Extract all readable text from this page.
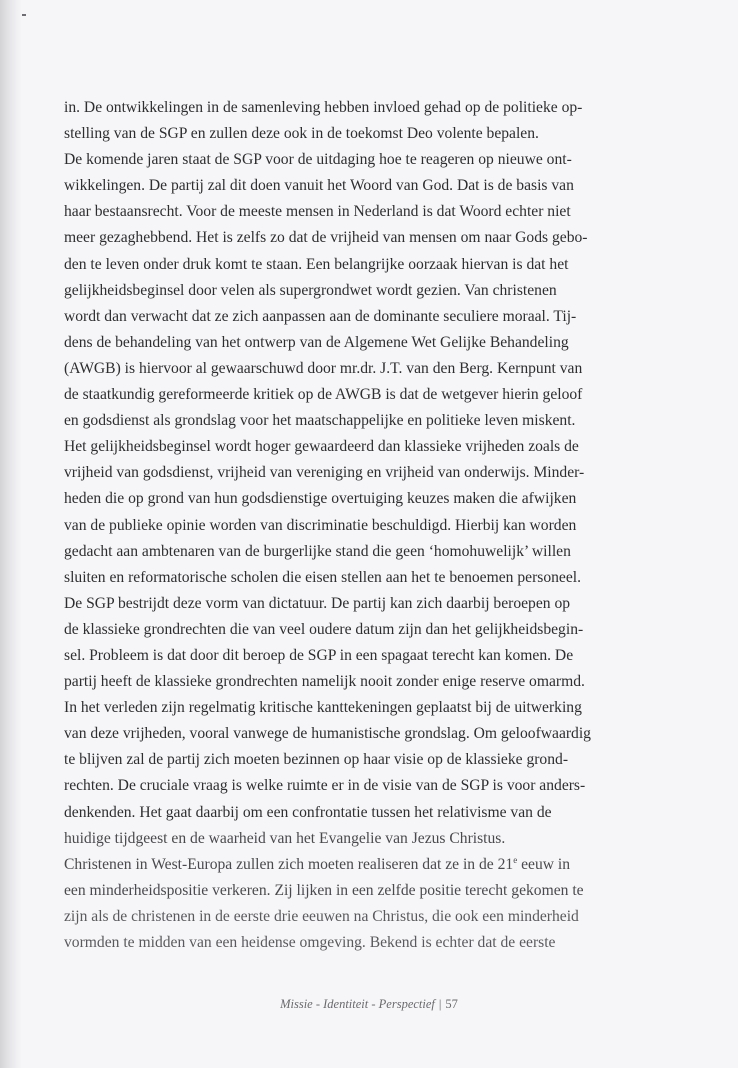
in. De ontwikkelingen in de samenleving hebben invloed gehad op de politieke op-
stelling van de SGP en zullen deze ook in de toekomst Deo volente bepalen.
De komende jaren staat de SGP voor de uitdaging hoe te reageren op nieuwe ont-
wikkelingen. De partij zal dit doen vanuit het Woord van God. Dat is de basis van
haar bestaansrecht. Voor de meeste mensen in Nederland is dat Woord echter niet
meer gezaghebbend. Het is zelfs zo dat de vrijheid van mensen om naar Gods gebo-
den te leven onder druk komt te staan. Een belangrijke oorzaak hiervan is dat het
gelijkheidsbeginsel door velen als supergrondwet wordt gezien. Van christenen
wordt dan verwacht dat ze zich aanpassen aan de dominante seculiere moraal. Tij-
dens de behandeling van het ontwerp van de Algemene Wet Gelijke Behandeling
(AWGB) is hiervoor al gewaarschuwd door mr.dr. J.T. van den Berg. Kernpunt van
de staatkundig gereformeerde kritiek op de AWGB is dat de wetgever hierin geloof
en godsdienst als grondslag voor het maatschappelijke en politieke leven miskent.
Het gelijkheidsbeginsel wordt hoger gewaardeerd dan klassieke vrijheden zoals de
vrijheid van godsdienst, vrijheid van vereniging en vrijheid van onderwijs. Minder-
heden die op grond van hun godsdienstige overtuiging keuzes maken die afwijken
van de publieke opinie worden van discriminatie beschuldigd. Hierbij kan worden
gedacht aan ambtenaren van de burgerlijke stand die geen ‘homohuwelijk’ willen
sluiten en reformatorische scholen die eisen stellen aan het te benoemen personeel.
De SGP bestrijdt deze vorm van dictatuur. De partij kan zich daarbij beroepen op
de klassieke grondrechten die van veel oudere datum zijn dan het gelijkheidsbegin-
sel. Probleem is dat door dit beroep de SGP in een spagaat terecht kan komen. De
partij heeft de klassieke grondrechten namelijk nooit zonder enige reserve omarmd.
In het verleden zijn regelmatig kritische kanttekeningen geplaatst bij de uitwerking
van deze vrijheden, vooral vanwege de humanistische grondslag. Om geloofwaardig
te blijven zal de partij zich moeten bezinnen op haar visie op de klassieke grond-
rechten. De cruciale vraag is welke ruimte er in de visie van de SGP is voor anders-
denkenden. Het gaat daarbij om een confrontatie tussen het relativisme van de
huidige tijdgeest en de waarheid van het Evangelie van Jezus Christus.
Christenen in West-Europa zullen zich moeten realiseren dat ze in de 21e eeuw in
een minderheidspositie verkeren. Zij lijken in een zelfde positie terecht gekomen te
zijn als de christenen in de eerste drie eeuwen na Christus, die ook een minderheid
vormden te midden van een heidense omgeving. Bekend is echter dat de eerste
Missie - Identiteit - Perspectief | 57
